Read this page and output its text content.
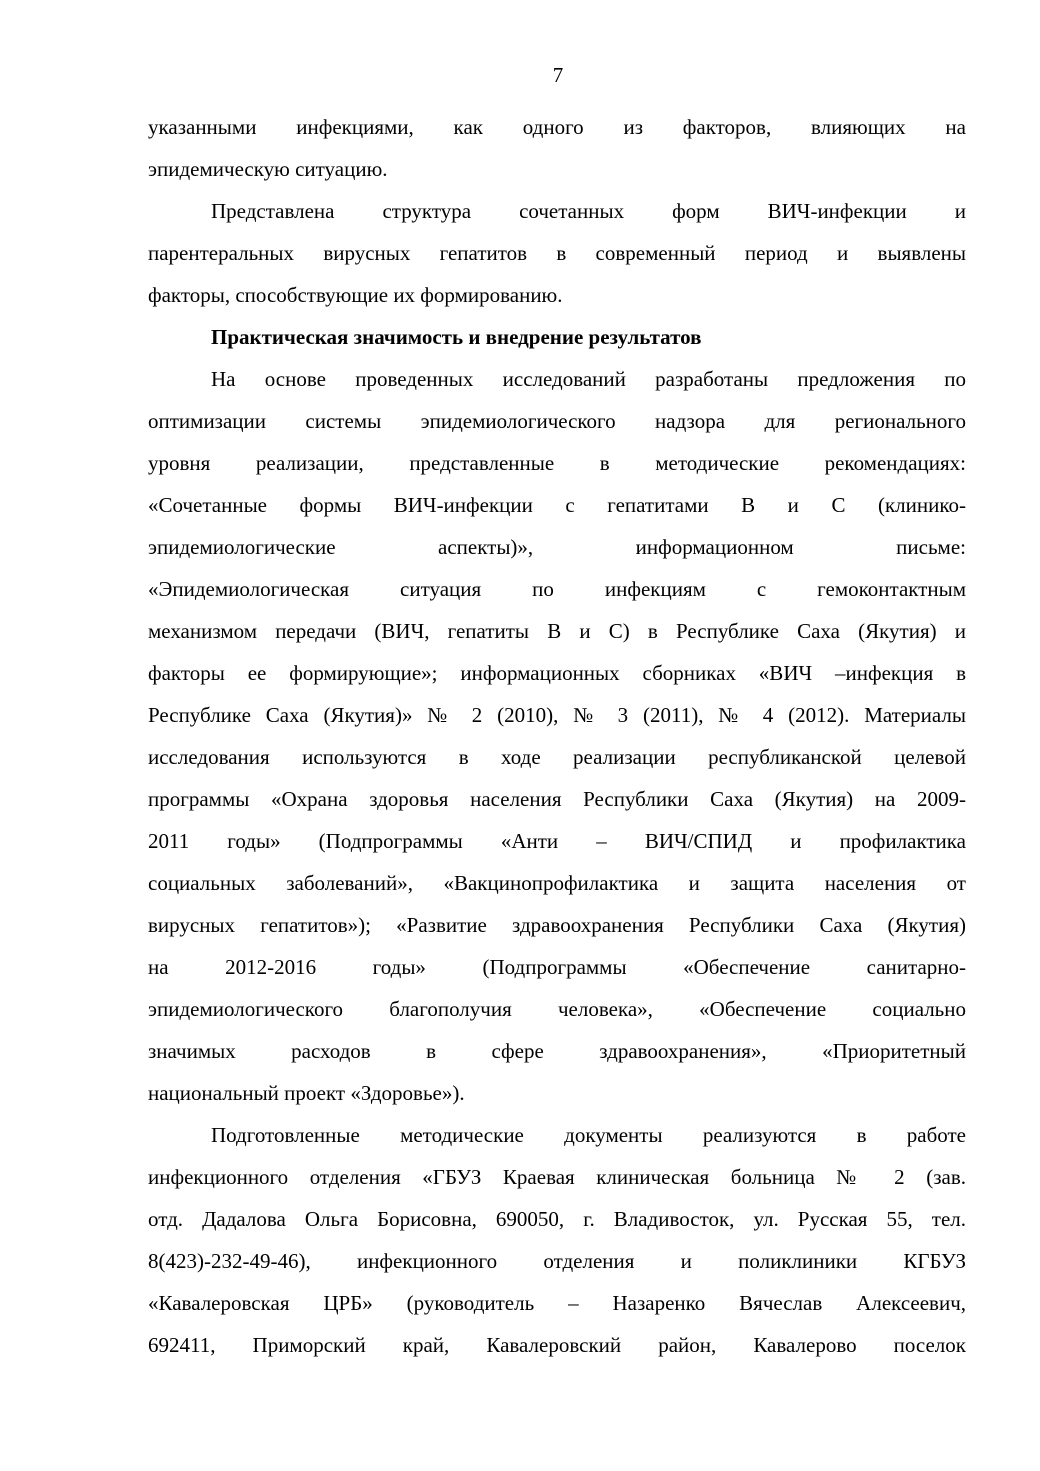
7
указанными инфекциями, как одного из факторов, влияющих на
эпидемическую ситуацию.
Представлена структура сочетанных форм ВИЧ-инфекции и
парентеральных вирусных гепатитов в современный период и выявлены
факторы, способствующие их формированию.
Практическая значимость и внедрение результатов
На основе проведенных исследований разработаны предложения по
оптимизации системы эпидемиологического надзора для регионального
уровня реализации, представленные в методические рекомендациях:
«Сочетанные формы ВИЧ-инфекции с гепатитами В и С (клинико-
эпидемиологические аспекты)», информационном письме:
«Эпидемиологическая ситуация по инфекциям с гемоконтактным
механизмом передачи (ВИЧ, гепатиты В и С) в Республике Саха (Якутия) и
факторы ее формирующие»; информационных сборниках «ВИЧ –инфекция в
Республике Саха (Якутия)» № 2 (2010), № 3 (2011), № 4 (2012). Материалы
исследования используются в ходе реализации республиканской целевой
программы «Охрана здоровья населения Республики Саха (Якутия) на 2009-
2011 годы» (Подпрограммы «Анти – ВИЧ/СПИД и профилактика
социальных заболеваний», «Вакцинопрофилактика и защита населения от
вирусных гепатитов»); «Развитие здравоохранения Республики Саха (Якутия)
на 2012-2016 годы» (Подпрограммы «Обеспечение санитарно-
эпидемиологического благополучия человека», «Обеспечение социально
значимых расходов в сфере здравоохранения», «Приоритетный
национальный проект «Здоровье»).
Подготовленные методические документы реализуются в работе
инфекционного отделения «ГБУЗ Краевая клиническая больница № 2 (зав.
отд. Дадалова Ольга Борисовна, 690050, г. Владивосток, ул. Русская 55, тел.
8(423)-232-49-46), инфекционного отделения и поликлиники КГБУЗ
«Кавалеровская ЦРБ» (руководитель – Назаренко Вячеслав Алексеевич,
692411, Приморский край, Кавалеровский район, Кавалерово поселок
